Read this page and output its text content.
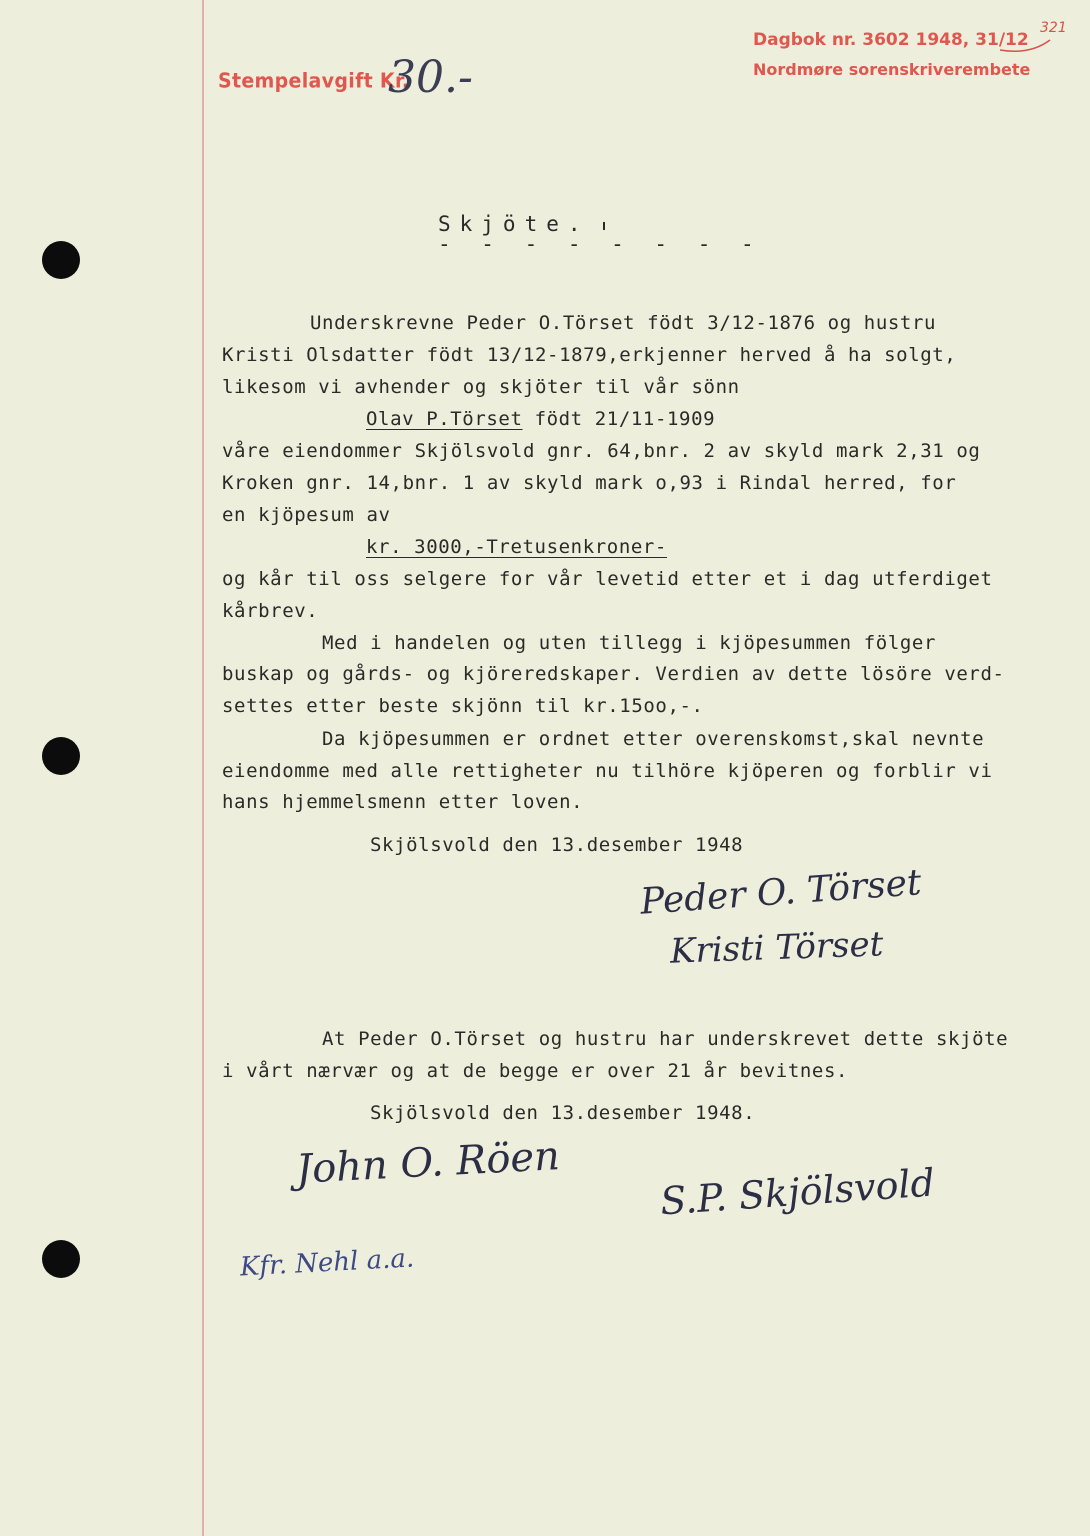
Stempelavgift Kr.
30.-
Dagbok nr. 3602 1948, 31/12
321
Nordmøre sorenskriverembete
Skjöte.
- - - - - - - -
Underskrevne Peder O.Törset födt 3/12-1876 og hustru
Kristi Olsdatter födt 13/12-1879,erkjenner herved å ha solgt,
likesom vi avhender og skjöter til vår sönn
Olav P.Törset födt 21/11-1909
våre eiendommer Skjölsvold gnr. 64,bnr. 2 av skyld mark 2,31 og
Kroken gnr. 14,bnr. 1 av skyld mark o,93 i Rindal herred, for
en kjöpesum av
kr. 3000,-Tretusenkroner-
og kår til oss selgere for vår levetid etter et i dag utferdiget
kårbrev.
Med i handelen og uten tillegg i kjöpesummen fölger
buskap og gårds- og kjöreredskaper. Verdien av dette lösöre verd-
settes etter beste skjönn til kr.15oo,-.
Da kjöpesummen er ordnet etter overenskomst,skal nevnte
eiendomme med alle rettigheter nu tilhöre kjöperen og forblir vi
hans hjemmelsmenn etter loven.
Skjölsvold den 13.desember 1948
Peder O. Törset
Kristi Törset
At Peder O.Törset og hustru har underskrevet dette skjöte
i vårt nærvær og at de begge er over 21 år bevitnes.
Skjölsvold den 13.desember 1948.
John O. Röen	S.P. Skjölsvold
Kfr. Nehl a.a.
